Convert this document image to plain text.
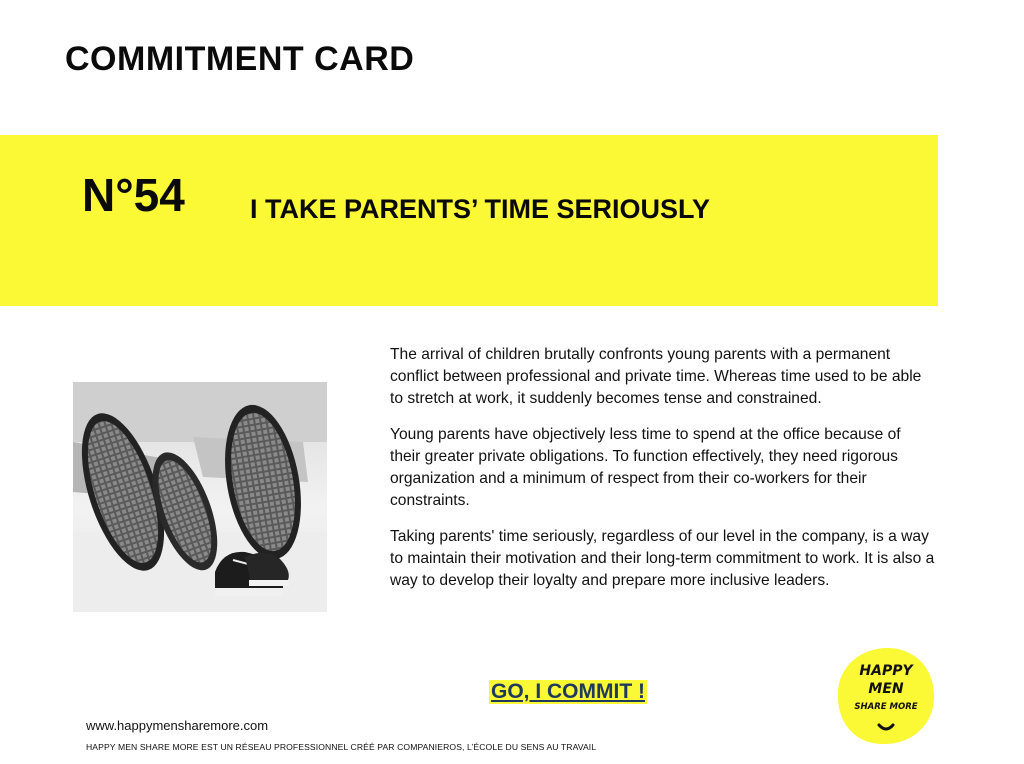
COMMITMENT CARD
N°54 I TAKE PARENTS’ TIME SERIOUSLY

The arrival of children brutally confronts young parents with a permanent conflict between professional and private time. Whereas time used to be able to stretch at work, it suddenly becomes tense and constrained.

Young parents have objectively less time to spend at the office because of their greater private obligations. To function effectively, they need rigorous organization and a minimum of respect from their co-workers for their constraints.

Taking parents' time seriously, regardless of our level in the company, is a way to maintain their motivation and their long-term commitment to work. It is also a way to develop their loyalty and prepare more inclusive leaders.

GO, I COMMIT !
HAPPY
MEN
SHARE MORE
www.happymensharemore.com
HAPPY MEN SHARE MORE EST UN RÉSEAU PROFESSIONNEL CRÉÉ PAR COMPANIEROS, L’ÉCOLE DU SENS AU TRAVAIL
